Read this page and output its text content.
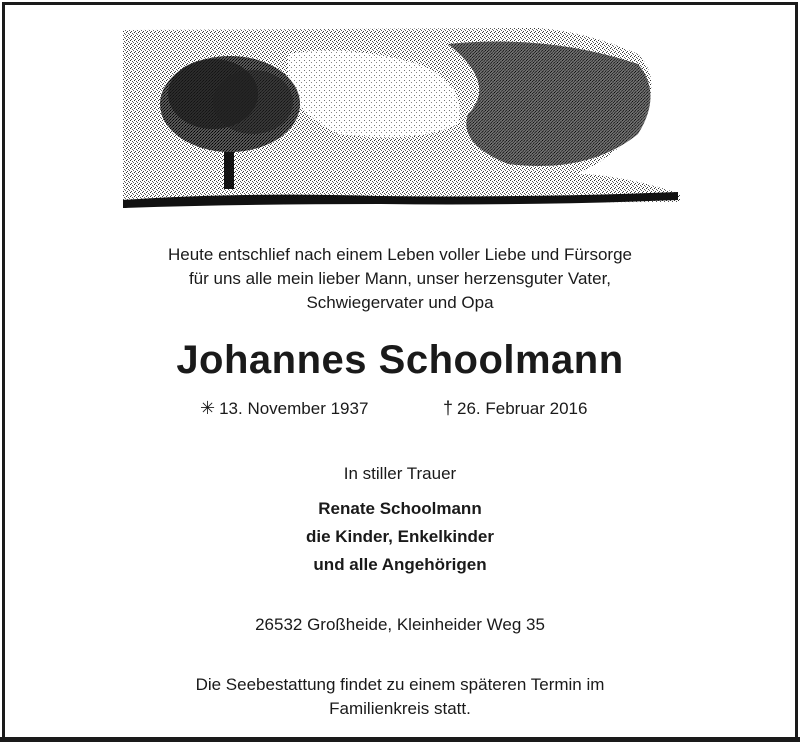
Heute entschlief nach einem Leben voller Liebe und Fürsorge
für uns alle mein lieber Mann, unser herzensguter Vater,
Schwiegervater und Opa
Johannes Schoolmann
✳ 13. November 1937	† 26. Februar 2016
In stiller Trauer
Renate Schoolmann
die Kinder, Enkelkinder
und alle Angehörigen
26532 Großheide, Kleinheider Weg 35
Die Seebestattung findet zu einem späteren Termin im
Familienkreis statt.
